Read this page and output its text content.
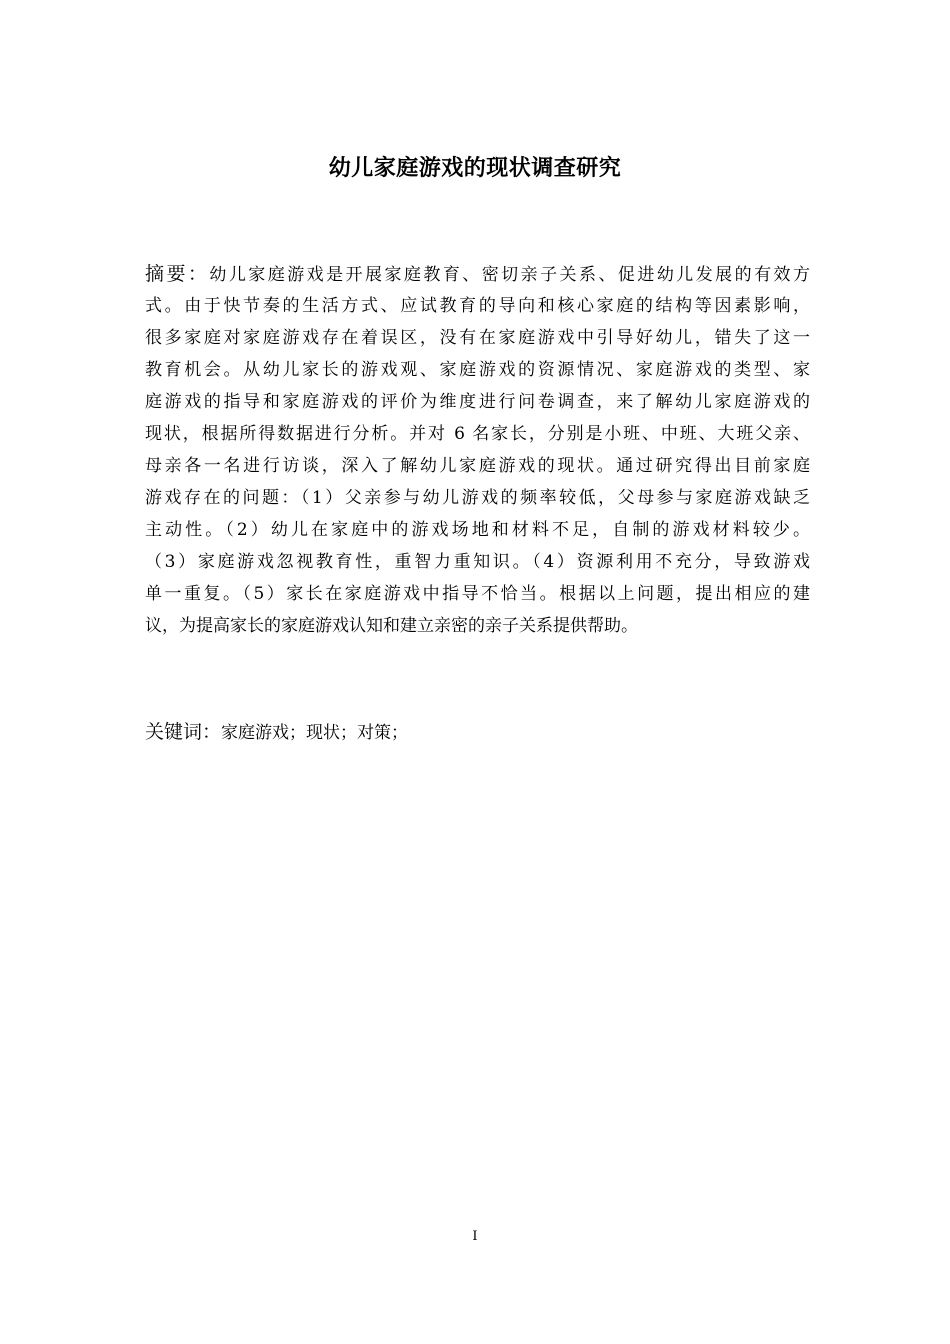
幼儿家庭游戏的现状调查研究
摘要：幼儿家庭游戏是开展家庭教育、密切亲子关系、促进幼儿发展的有效方
式。由于快节奏的生活方式、应试教育的导向和核心家庭的结构等因素影响，
很多家庭对家庭游戏存在着误区，没有在家庭游戏中引导好幼儿，错失了这一
教育机会。从幼儿家长的游戏观、家庭游戏的资源情况、家庭游戏的类型、家
庭游戏的指导和家庭游戏的评价为维度进行问卷调查，来了解幼儿家庭游戏的
现状，根据所得数据进行分析。并对 6 名家长，分别是小班、中班、大班父亲、
母亲各一名进行访谈，深入了解幼儿家庭游戏的现状。通过研究得出目前家庭
游戏存在的问题：（1）父亲参与幼儿游戏的频率较低，父母参与家庭游戏缺乏
主动性。（2）幼儿在家庭中的游戏场地和材料不足，自制的游戏材料较少。
（3）家庭游戏忽视教育性，重智力重知识。（4）资源利用不充分，导致游戏
单一重复。（5）家长在家庭游戏中指导不恰当。根据以上问题，提出相应的建
议，为提高家长的家庭游戏认知和建立亲密的亲子关系提供帮助。
关键词：家庭游戏；现状；对策；
I
